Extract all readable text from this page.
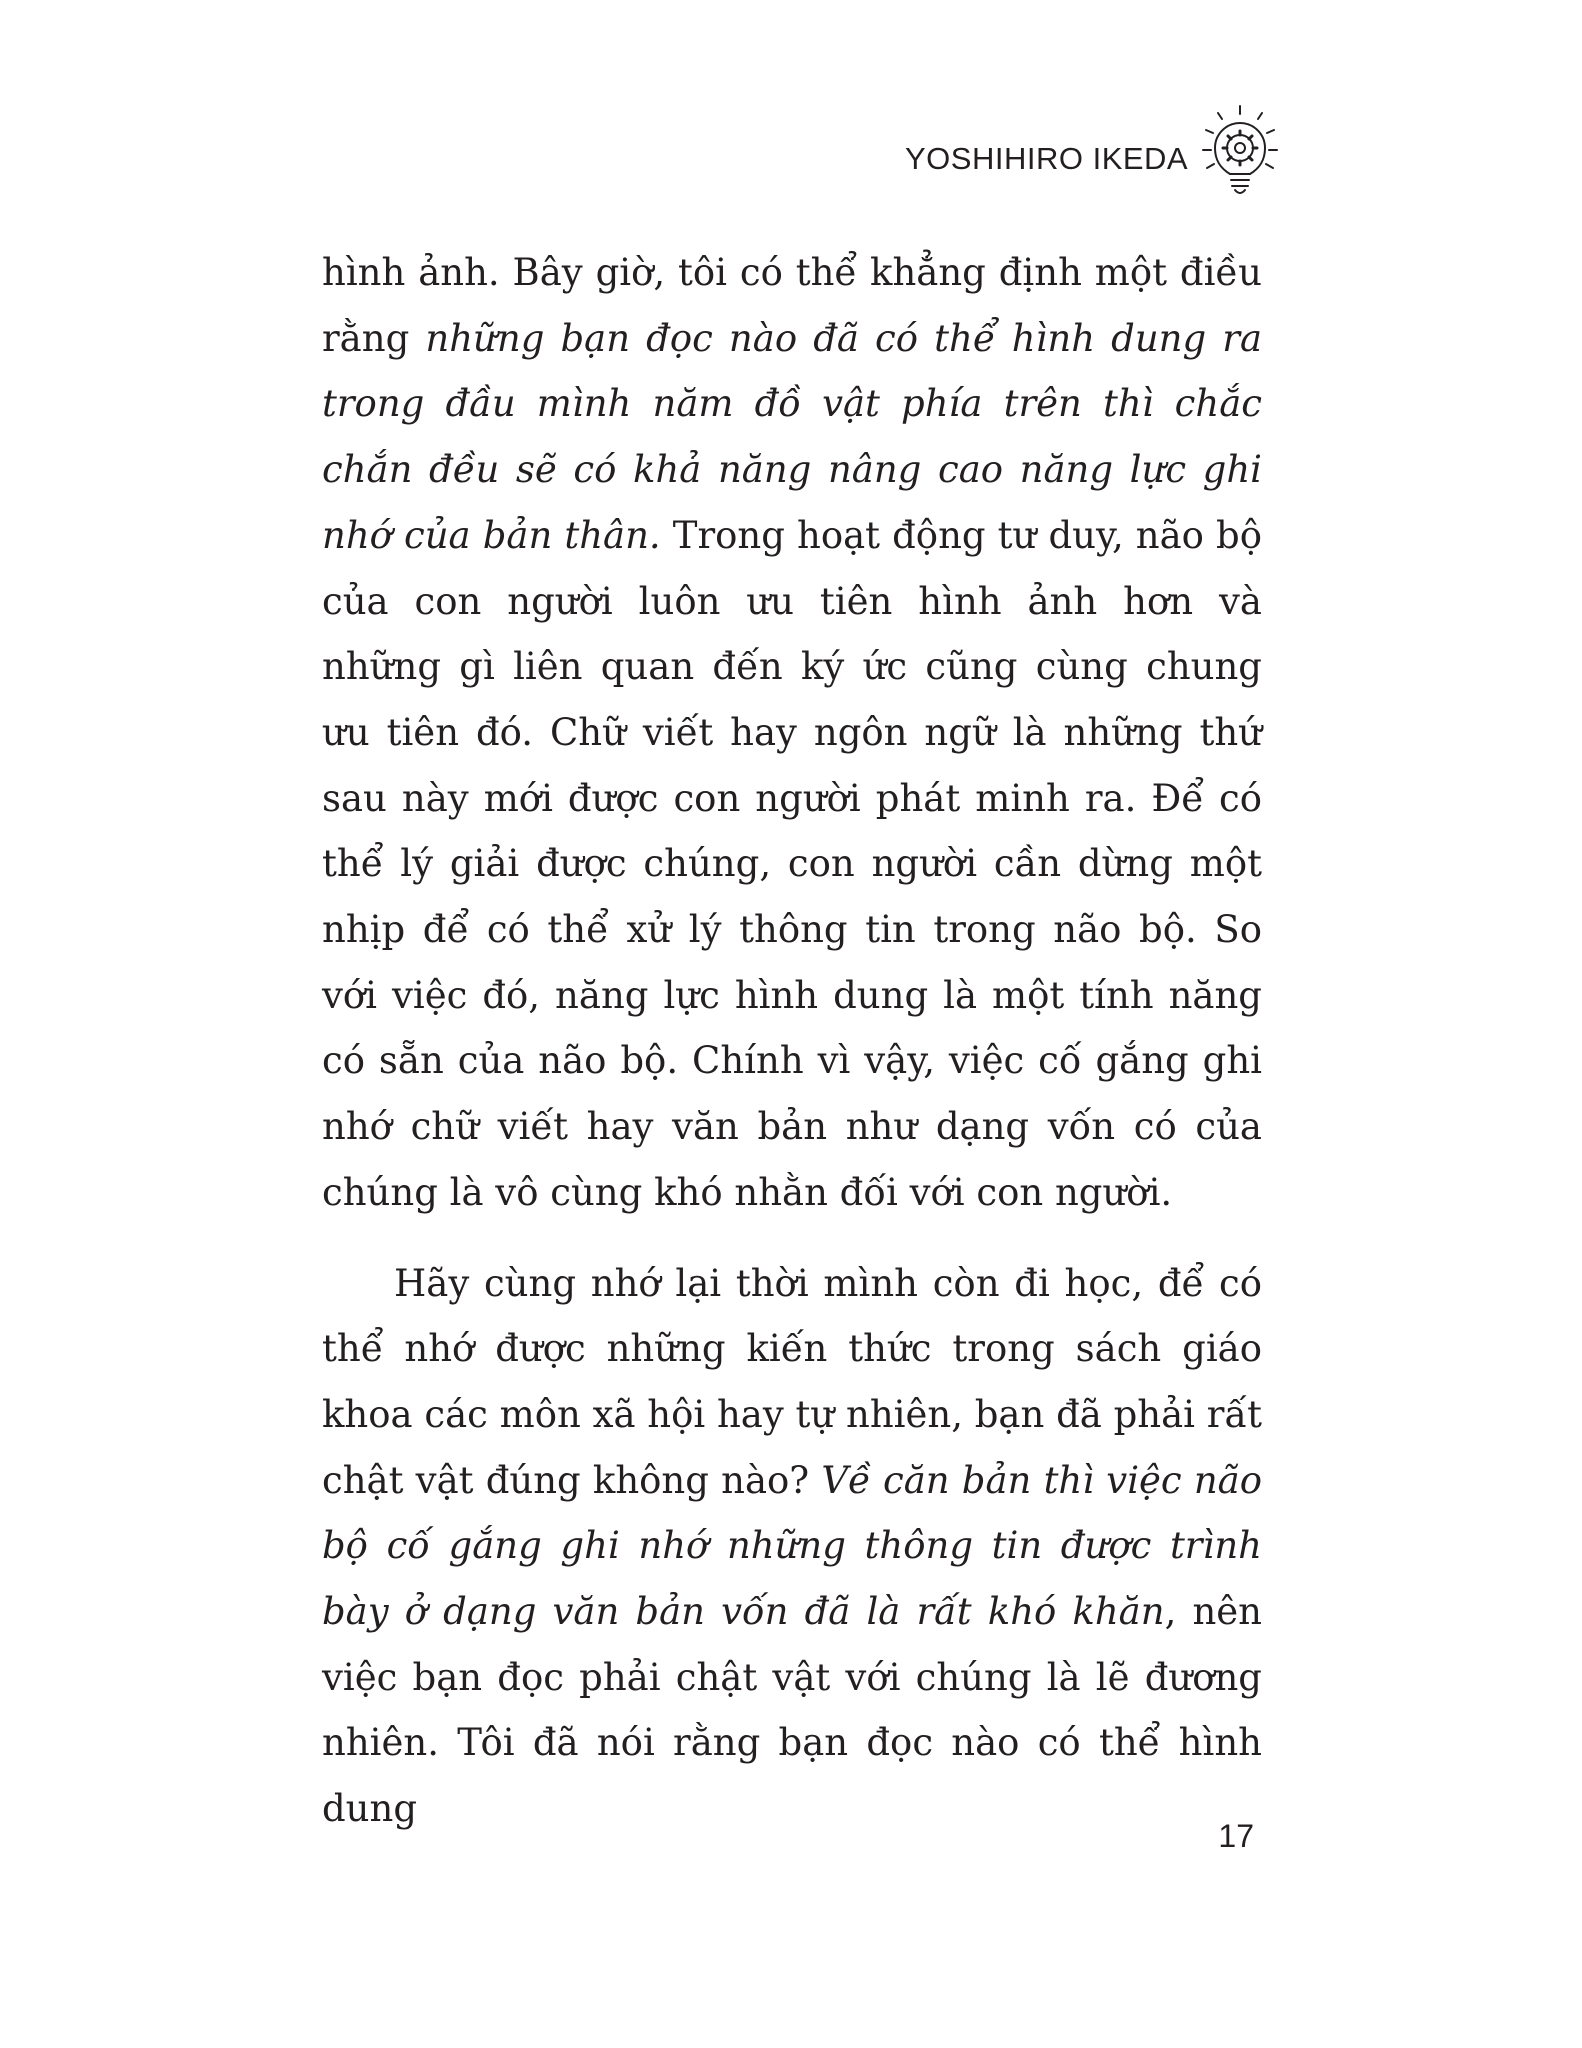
YOSHIHIRO IKEDA

hình ảnh. Bây giờ, tôi có thể khẳng định một điều rằng những bạn đọc nào đã có thể hình dung ra trong đầu mình năm đồ vật phía trên thì chắc chắn đều sẽ có khả năng nâng cao năng lực ghi nhớ của bản thân. Trong hoạt động tư duy, não bộ của con người luôn ưu tiên hình ảnh hơn và những gì liên quan đến ký ức cũng cùng chung ưu tiên đó. Chữ viết hay ngôn ngữ là những thứ sau này mới được con người phát minh ra. Để có thể lý giải được chúng, con người cần dừng một nhịp để có thể xử lý thông tin trong não bộ. So với việc đó, năng lực hình dung là một tính năng có sẵn của não bộ. Chính vì vậy, việc cố gắng ghi nhớ chữ viết hay văn bản như dạng vốn có của chúng là vô cùng khó nhằn đối với con người.

Hãy cùng nhớ lại thời mình còn đi học, để có thể nhớ được những kiến thức trong sách giáo khoa các môn xã hội hay tự nhiên, bạn đã phải rất chật vật đúng không nào? Về căn bản thì việc não bộ cố gắng ghi nhớ những thông tin được trình bày ở dạng văn bản vốn đã là rất khó khăn, nên việc bạn đọc phải chật vật với chúng là lẽ đương nhiên. Tôi đã nói rằng bạn đọc nào có thể hình dung

17
